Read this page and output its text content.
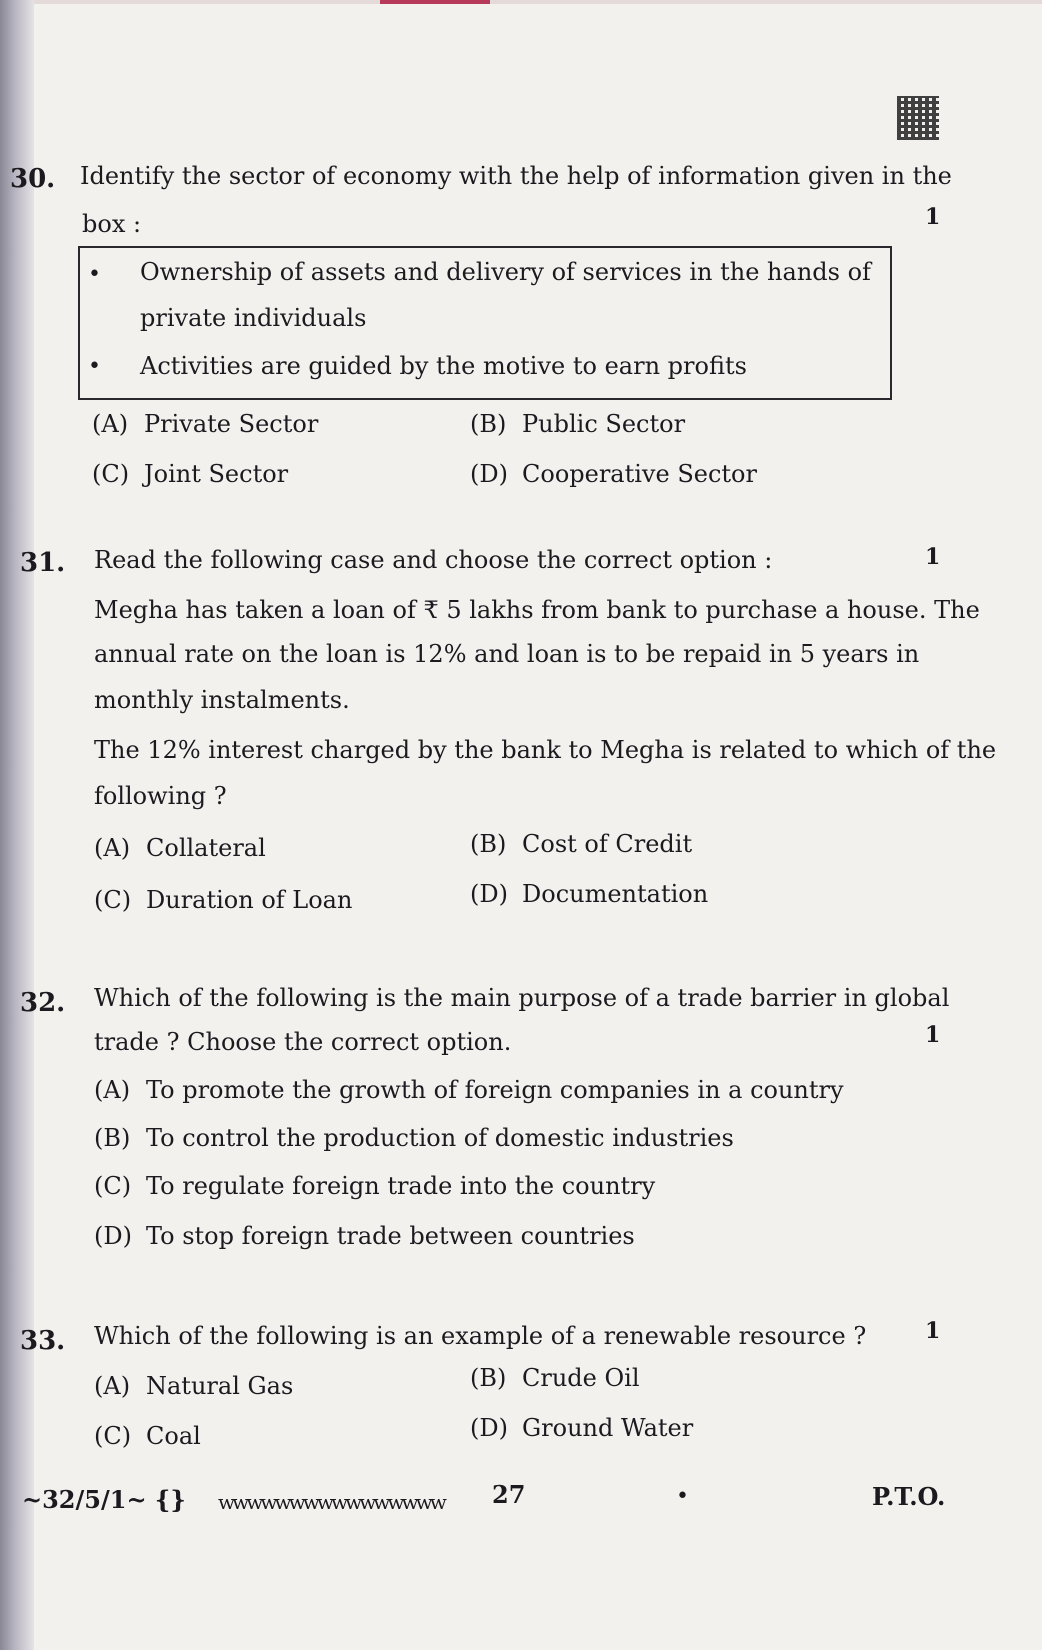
30. Identify the sector of economy with the help of information given in the
box :	1
• Ownership of assets and delivery of services in the hands of
private individuals
• Activities are guided by the motive to earn profits
(A) Private Sector	(B) Public Sector
(C) Joint Sector	(D) Cooperative Sector
31. Read the following case and choose the correct option :	1
Megha has taken a loan of ₹ 5 lakhs from bank to purchase a house. The
annual rate on the loan is 12% and loan is to be repaid in 5 years in
monthly instalments.
The 12% interest charged by the bank to Megha is related to which of the
following ?
(A) Collateral	(B) Cost of Credit
(C) Duration of Loan	(D) Documentation
32. Which of the following is the main purpose of a trade barrier in global
trade ? Choose the correct option.	1
(A) To promote the growth of foreign companies in a country
(B) To control the production of domestic industries
(C) To regulate foreign trade into the country
(D) To stop foreign trade between countries
33. Which of the following is an example of a renewable resource ?	1
(A) Natural Gas	(B) Crude Oil
(C) Coal	(D) Ground Water
~32/5/1~ {} wwwwwwwwwwwwwwww 27	•	P.T.O.
